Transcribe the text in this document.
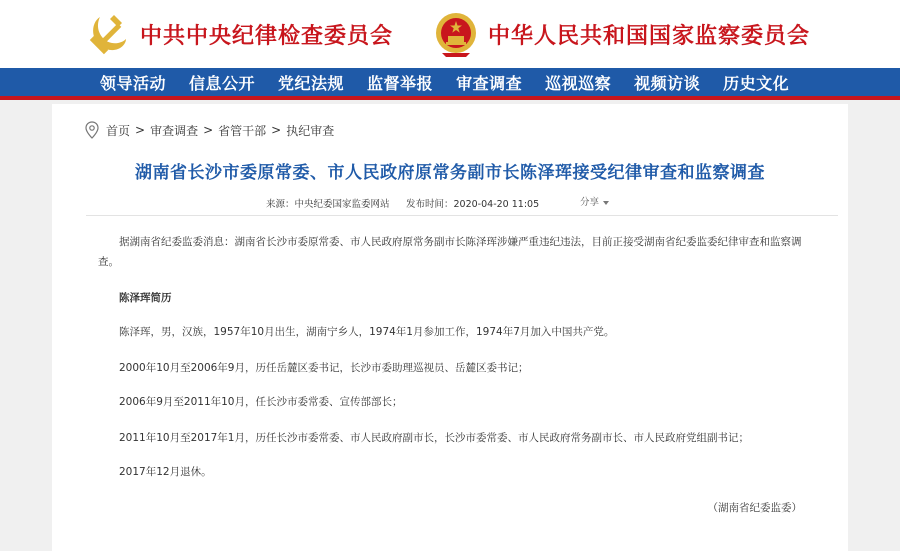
中共中央纪律检查委员会	中华人民共和国国家监察委员会
领导活动 信息公开 党纪法规 监督举报 审查调查 巡视巡察 视频访谈 历史文化
首页 > 审查调查 > 省管干部 > 执纪审查
湖南省长沙市委原常委、市人民政府原常务副市长陈泽珲接受纪律审查和监察调查
来源：中央纪委国家监委网站 发布时间：2020-04-20 11:05	分享
据湖南省纪委监委消息：湖南省长沙市委原常委、市人民政府原常务副市长陈泽珲涉嫌严重违纪违法，目前正接受湖南省纪委监委纪律审查和监察调查。
陈泽珲简历
陈泽珲，男，汉族，1957年10月出生，湖南宁乡人，1974年1月参加工作，1974年7月加入中国共产党。
2000年10月至2006年9月，历任岳麓区委书记，长沙市委助理巡视员、岳麓区委书记；
2006年9月至2011年10月，任长沙市委常委、宣传部部长；
2011年10月至2017年1月，历任长沙市委常委、市人民政府副市长，长沙市委常委、市人民政府常务副市长、市人民政府党组副书记；
2017年12月退休。
（湖南省纪委监委）
